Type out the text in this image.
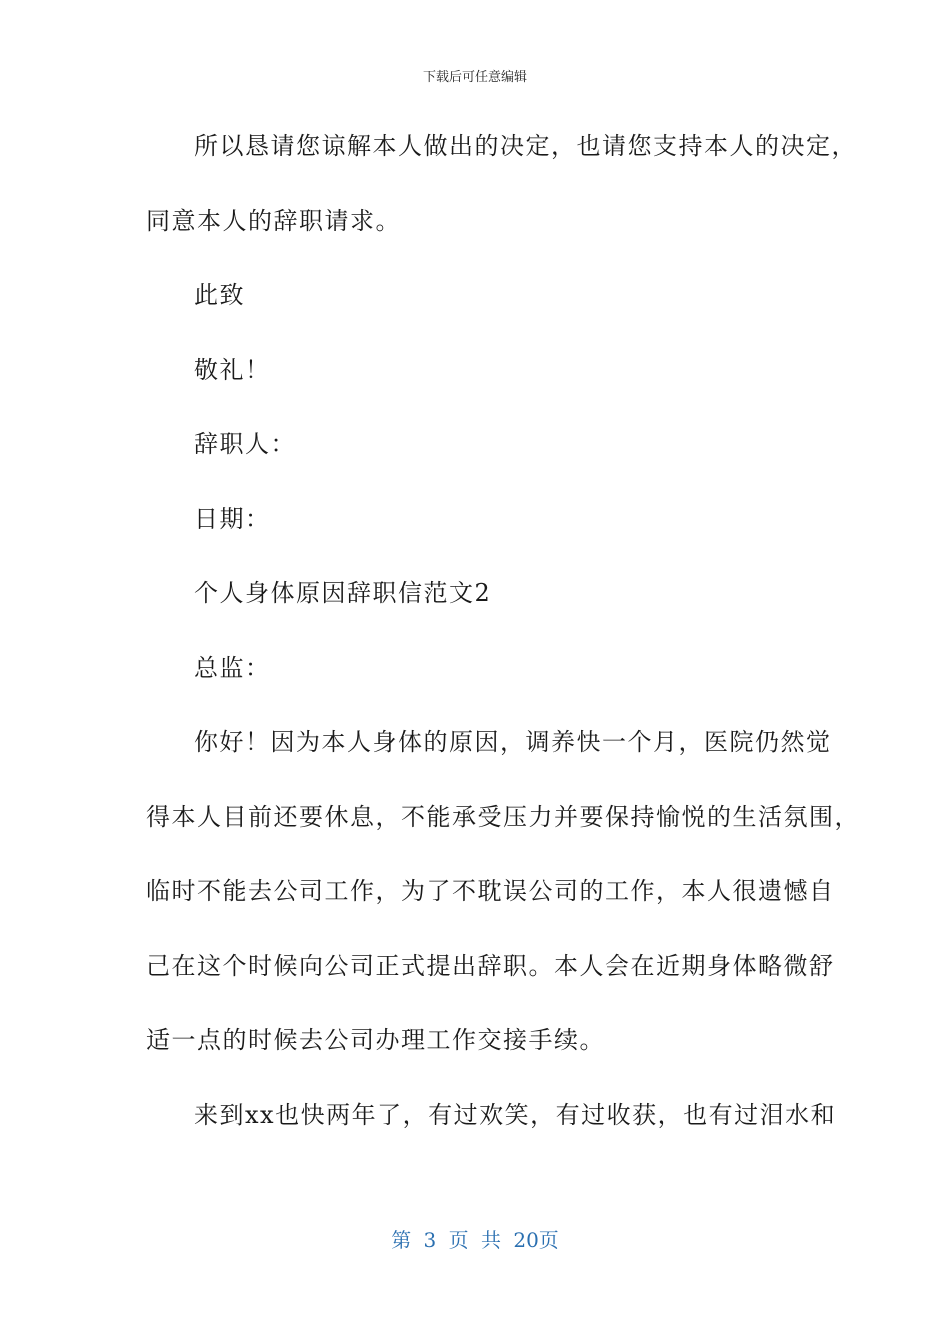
下载后可任意编辑
所以恳请您谅解本人做出的决定，也请您支持本人的决定，
同意本人的辞职请求。
此致
敬礼！
辞职人：
日期：
个人身体原因辞职信范文2
总监：
你好！因为本人身体的原因，调养快一个月，医院仍然觉
得本人目前还要休息，不能承受压力并要保持愉悦的生活氛围，
临时不能去公司工作，为了不耽误公司的工作，本人很遗憾自
己在这个时候向公司正式提出辞职。本人会在近期身体略微舒
适一点的时候去公司办理工作交接手续。
来到xx也快两年了，有过欢笑，有过收获，也有过泪水和
第 3 页 共 20页
